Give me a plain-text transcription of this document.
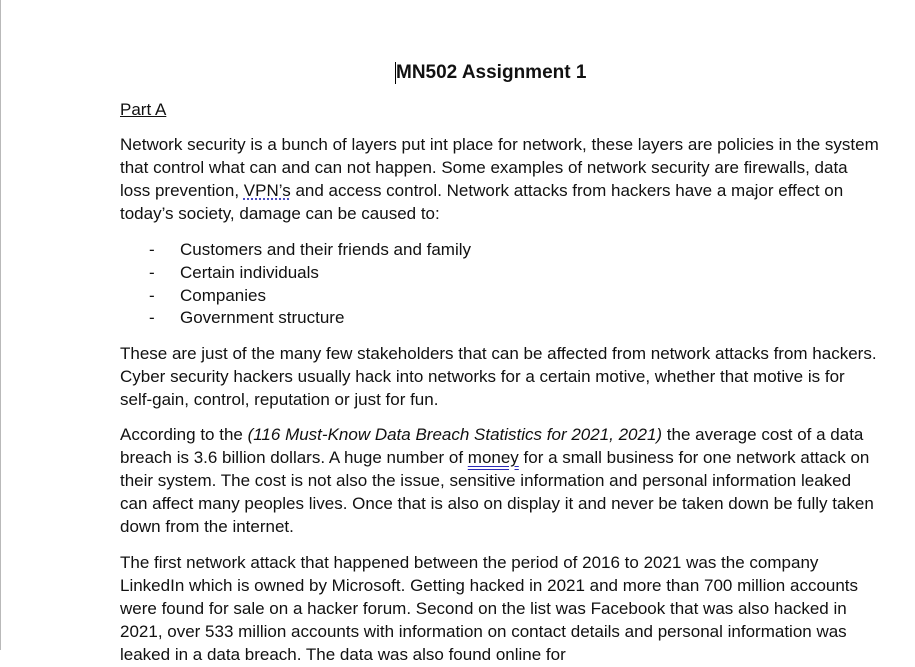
MN502 Assignment 1
Part A

Network security is a bunch of layers put int place for network, these layers are policies in the system that control what can and can not happen. Some examples of network security are firewalls, data loss prevention, VPN’s and access control. Network attacks from hackers have a major effect on today’s society, damage can be caused to:

- Customers and their friends and family
- Certain individuals
- Companies
- Government structure

These are just of the many few stakeholders that can be affected from network attacks from hackers. Cyber security hackers usually hack into networks for a certain motive, whether that motive is for self-gain, control, reputation or just for fun.

According to the (116 Must-Know Data Breach Statistics for 2021, 2021) the average cost of a data breach is 3.6 billion dollars. A huge number of money for a small business for one network attack on their system. The cost is not also the issue, sensitive information and personal information leaked can affect many peoples lives. Once that is also on display it and never be taken down be fully taken down from the internet.

The first network attack that happened between the period of 2016 to 2021 was the company LinkedIn which is owned by Microsoft. Getting hacked in 2021 and more than 700 million accounts were found for sale on a hacker forum. Second on the list was Facebook that was also hacked in 2021, over 533 million accounts with information on contact details and personal information was leaked in a data breach. The data was also found online for
